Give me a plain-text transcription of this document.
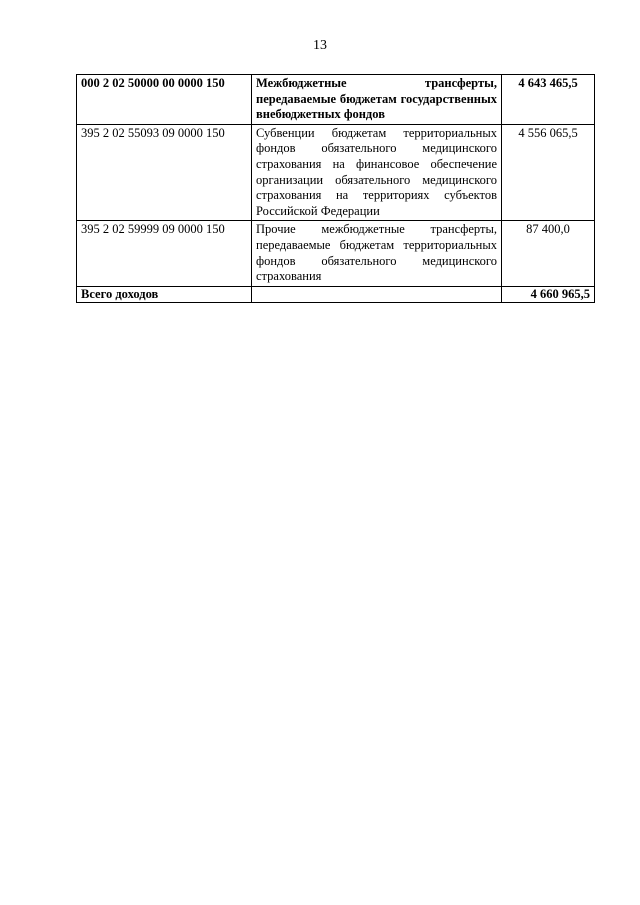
13
000 2 02 50000 00 0000 150	Межбюджетные трансферты, передаваемые бюджетам государственных внебюджетных фондов	4 643 465,5
395 2 02 55093 09 0000 150	Субвенции бюджетам территориальных фондов обязательного медицинского страхования на финансовое обеспечение организации обязательного медицинского страхования на территориях субъектов Российской Федерации	4 556 065,5
395 2 02 59999 09 0000 150	Прочие межбюджетные трансферты, передаваемые бюджетам территориальных фондов обязательного медицинского страхования	87 400,0
Всего доходов		4 660 965,5
